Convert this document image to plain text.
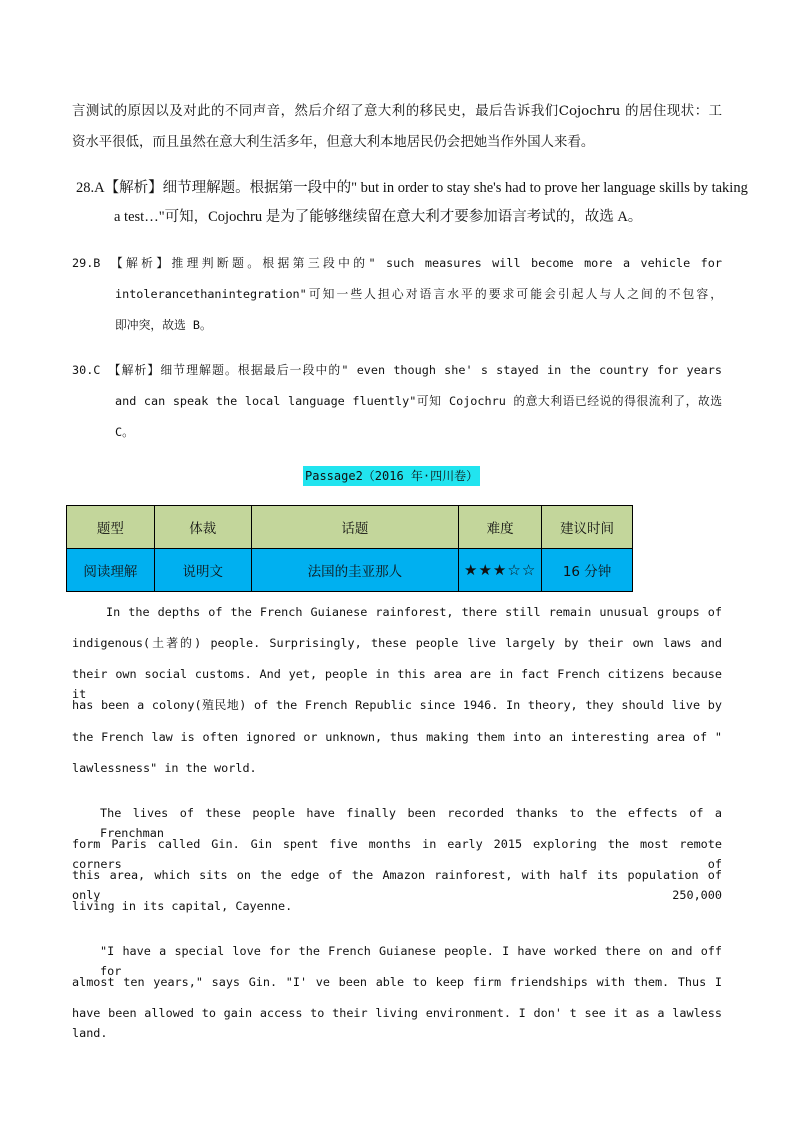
言测试的原因以及对此的不同声音，然后介绍了意大利的移民史，最后告诉我们Cojochru 的居住现状：工
资水平很低，而且虽然在意大利生活多年，但意大利本地居民仍会把她当作外国人来看。
28.A【解析】细节理解题。根据第一段中的" but in order to stay she's had to prove her language skills by taking
a test…"可知，Cojochru 是为了能够继续留在意大利才要参加语言考试的，故选 A。
29.B 【解析】推理判断题。根据第三段中的" such measures will become more a vehicle for
intolerancethanintegration"可知一些人担心对语言水平的要求可能会引起人与人之间的不包容，
即冲突，故选 B。
30.C 【解析】细节理解题。根据最后一段中的" even though she' s stayed in the country for years
and can speak the local language fluently"可知 Cojochru 的意大利语已经说的得很流利了，故选
C。
Passage2（2016 年·四川卷）
题型	体裁	话题	难度	建议时间
阅读理解	说明文	法国的圭亚那人	★★★☆☆	16 分钟
In the depths of the French Guianese rainforest, there still remain unusual groups of
indigenous(土著的) people. Surprisingly, these people live largely by their own laws and
their own social customs. And yet, people in this area are in fact French citizens because it
has been a colony(殖民地) of the French Republic since 1946. In theory, they should live by
the French law is often ignored or unknown, thus making them into an interesting area of "
lawlessness" in the world.
The lives of these people have finally been recorded thanks to the effects of a Frenchman
form Paris called Gin. Gin spent five months in early 2015 exploring the most remote corners of
this area, which sits on the edge of the Amazon rainforest, with half its population of only 250,000
living in its capital, Cayenne.
"I have a special love for the French Guianese people. I have worked there on and off for
almost ten years," says Gin. "I' ve been able to keep firm friendships with them. Thus I
have been allowed to gain access to their living environment. I don' t see it as a lawless land.
